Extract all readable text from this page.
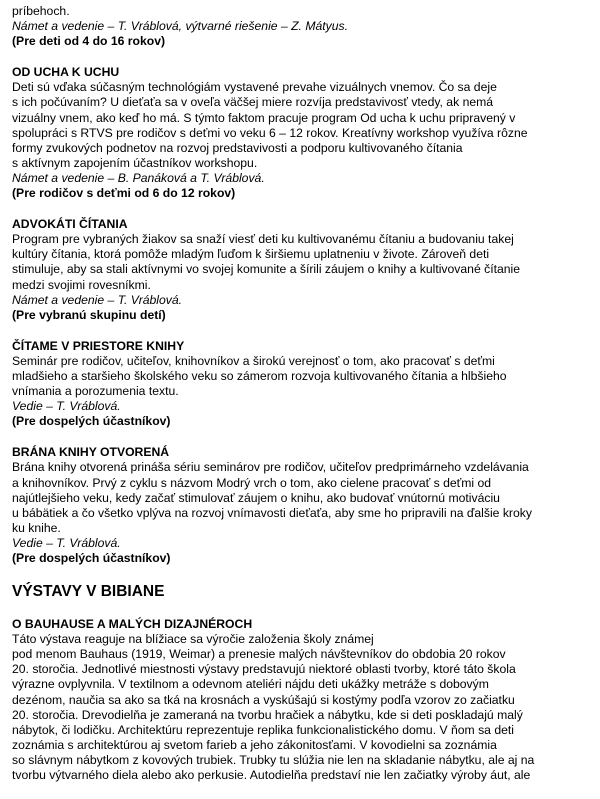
príbehoch.
Námet a vedenie – T. Vráblová, výtvarné riešenie – Z. Mátyus.
(Pre deti od 4 do 16 rokov)
OD UCHA K UCHU
Deti sú vďaka súčasným technológiám vystavené prevahe vizuálnych vnemov. Čo sa deje
s ich počúvaním? U dieťaťa sa v oveľa väčšej miere rozvíja predstavivosť vtedy, ak nemá
vizuálny vnem, ako keď ho má. S týmto faktom pracuje program Od ucha k uchu pripravený v
spolupráci s RTVS pre rodičov s deťmi vo veku 6 – 12 rokov. Kreatívny workshop využíva rôzne
formy zvukových podnetov na rozvoj predstavivosti a podporu kultivovaného čítania
s aktívnym zapojením účastníkov workshopu.
Námet a vedenie – B. Panáková a T. Vráblová.
(Pre rodičov s deťmi od 6 do 12 rokov)
ADVOKÁTI ČÍTANIA
Program pre vybraných žiakov sa snaží viesť deti ku kultivovanému čítaniu a budovaniu takej
kultúry čítania, ktorá pomôže mladým ľuďom k širšiemu uplatneniu v živote. Zároveň deti
stimuluje, aby sa stali aktívnymi vo svojej komunite a šírili záujem o knihy a kultivované čítanie
medzi svojimi rovesníkmi.
Námet a vedenie – T. Vráblová.
(Pre vybranú skupinu detí)
ČÍTAME V PRIESTORE KNIHY
Seminár pre rodičov, učiteľov, knihovníkov a širokú verejnosť o tom, ako pracovať s deťmi
mladšieho a staršieho školského veku so zámerom rozvoja kultivovaného čítania a hlbšieho
vnímania a porozumenia textu.
Vedie – T. Vráblová.
(Pre dospelých účastníkov)
BRÁNA KNIHY OTVORENÁ
Brána knihy otvorená prináša sériu seminárov pre rodičov, učiteľov predprimárneho vzdelávania
a knihovníkov. Prvý z cyklu s názvom Modrý vrch o tom, ako cielene pracovať s deťmi od
najútlejšieho veku, kedy začať stimulovať záujem o knihu, ako budovať vnútornú motiváciu
u bábätiek a čo všetko vplýva na rozvoj vnímavosti dieťaťa, aby sme ho pripravili na ďalšie kroky
ku knihe.
Vedie – T. Vráblová.
(Pre dospelých účastníkov)
VÝSTAVY V BIBIANE
O BAUHAUSE A MALÝCH DIZAJNÉROCH
Táto výstava reaguje na blížiace sa výročie založenia školy známej
pod menom Bauhaus (1919, Weimar) a prenesie malých návštevníkov do obdobia 20 rokov
20. storočia. Jednotlivé miestnosti výstavy predstavujú niektoré oblasti tvorby, ktoré táto škola
výrazne ovplyvnila. V textilnom a odevnom ateliéri nájdu deti ukážky metráže s dobovým
dezénom, naučia sa ako sa tká na krosnách a vyskúšajú si kostýmy podľa vzorov zo začiatku
20. storočia. Drevodielňa je zameraná na tvorbu hračiek a nábytku, kde si deti poskladajú malý
nábytok, či lodičku. Architektúru reprezentuje replika funkcionalistického domu. V ňom sa deti
zoznámia s architektúrou aj svetom farieb a jeho zákonitosťami. V kovodielni sa zoznámia
so slávnym nábytkom z kovových trubiek. Trubky tu slúžia nie len na skladanie nábytku, ale aj na
tvorbu výtvarného diela alebo ako perkusie. Autodielňa predstaví nie len začiatky výroby áut, ale
